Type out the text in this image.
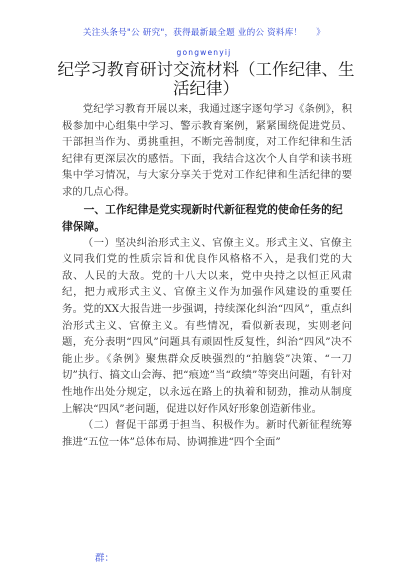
关注头条号"公 研究"，获得最新最全题 业的公 资料库！ 》
gongwenyij
纪学习教育研讨交流材料（工作纪律、生活纪律）

党纪学习教育开展以来，我通过逐字逐句学习《条例》，积极参加中心组集中学习、警示教育案例，紧紧围绕促进党员、干部担当作为、勇挑重担，不断完善制度，对工作纪律和生活纪律有更深层次的感悟。下面，我结合这次个人自学和读书班集中学习情况，与大家分享关于党对工作纪律和生活纪律的要求的几点心得。

一、工作纪律是党实现新时代新征程党的使命任务的纪律保障。

（一）坚决纠治形式主义、官僚主义。形式主义、官僚主义同我们党的性质宗旨和优良作风格格不入，是我们党的大敌、人民的大敌。党的十八大以来，党中央持之以恒正风肃纪，把力戒形式主义、官僚主义作为加强作风建设的重要任务。党的XX大报告进一步强调，持续深化纠治“四风”，重点纠治形式主义、官僚主义。有些情况，看似新表现，实则老问题，充分表明“四风”问题具有顽固性反复性，纠治“四风”决不能止步。《条例》聚焦群众反映强烈的“拍脑袋”决策、“一刀切”执行、搞文山会海、把“痕迹”当“政绩”等突出问题，有针对性地作出处分规定，以永远在路上的执着和韧劲，推动从制度上解决“四风”老问题，促进以好作风好形象创造新伟业。

（二）督促干部勇于担当、积极作为。新时代新征程统筹推进“五位一体”总体布局、协调推进“四个全面”

群：
